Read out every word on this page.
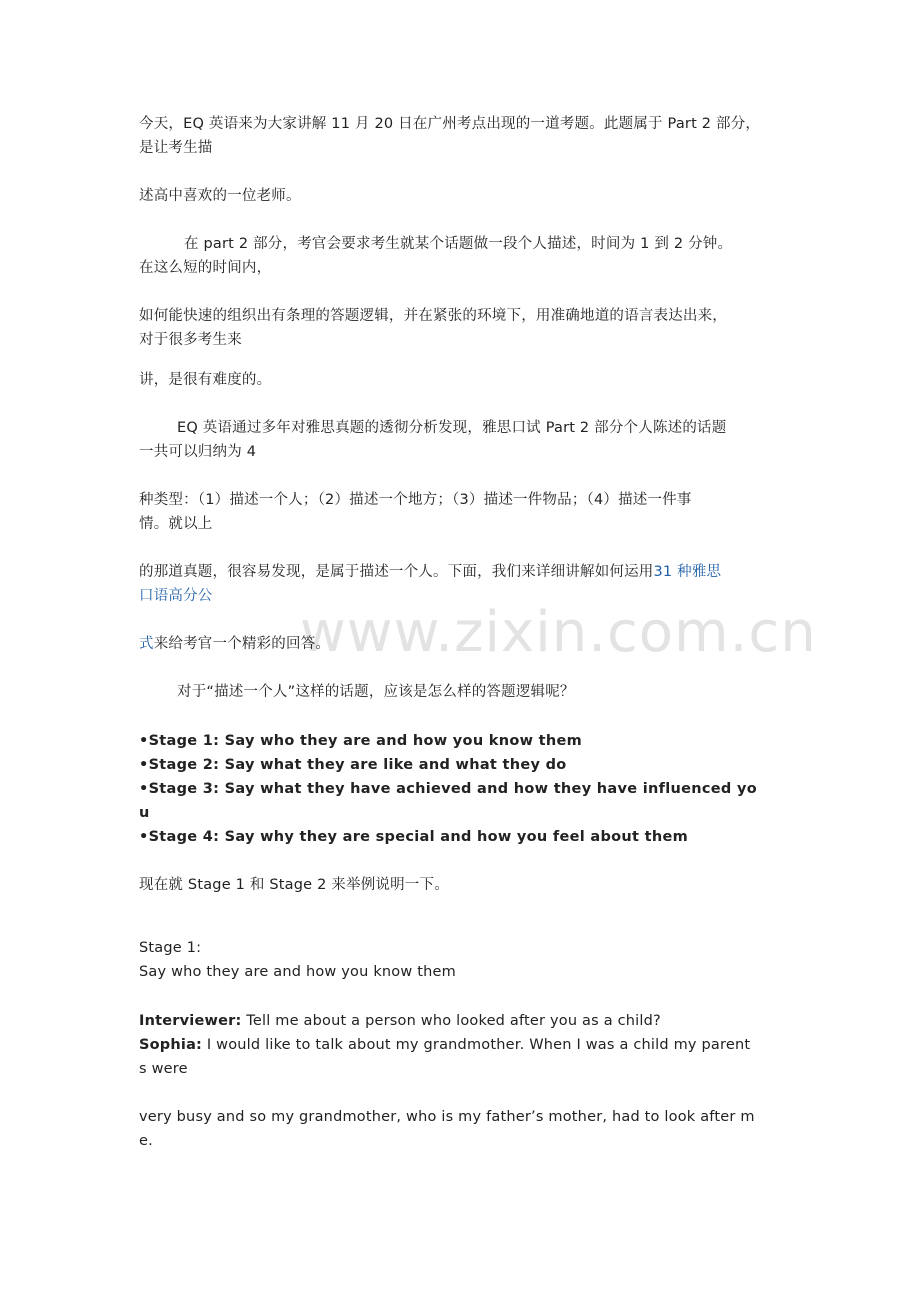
www.zixin.com.cn
今天，EQ 英语来为大家讲解 11 月 20 日在广州考点出现的一道考题。此题属于 Part 2 部分，
是让考生描
述高中喜欢的一位老师。
在 part 2 部分，考官会要求考生就某个话题做一段个人描述，时间为 1 到 2 分钟。
在这么短的时间内，
如何能快速的组织出有条理的答题逻辑，并在紧张的环境下，用准确地道的语言表达出来，
对于很多考生来
讲，是很有难度的。
EQ 英语通过多年对雅思真题的透彻分析发现，雅思口试 Part 2 部分个人陈述的话题
一共可以归纳为 4
种类型：（1）描述一个人；（2）描述一个地方；（3）描述一件物品；（4）描述一件事
情。就以上
的那道真题，很容易发现，是属于描述一个人。下面，我们来详细讲解如何运用31 种雅思
口语高分公
式来给考官一个精彩的回答。
对于“描述一个人”这样的话题，应该是怎么样的答题逻辑呢？
•Stage 1: Say who they are and how you know them
•Stage 2: Say what they are like and what they do
•Stage 3: Say what they have achieved and how they have influenced yo
u
•Stage 4: Say why they are special and how you feel about them
现在就 Stage 1 和 Stage 2 来举例说明一下。
Stage 1:
Say who they are and how you know them
Interviewer: Tell me about a person who looked after you as a child?
Sophia: I would like to talk about my grandmother. When I was a child my parent
s were
very busy and so my grandmother, who is my father’s mother, had to look after m
e.
